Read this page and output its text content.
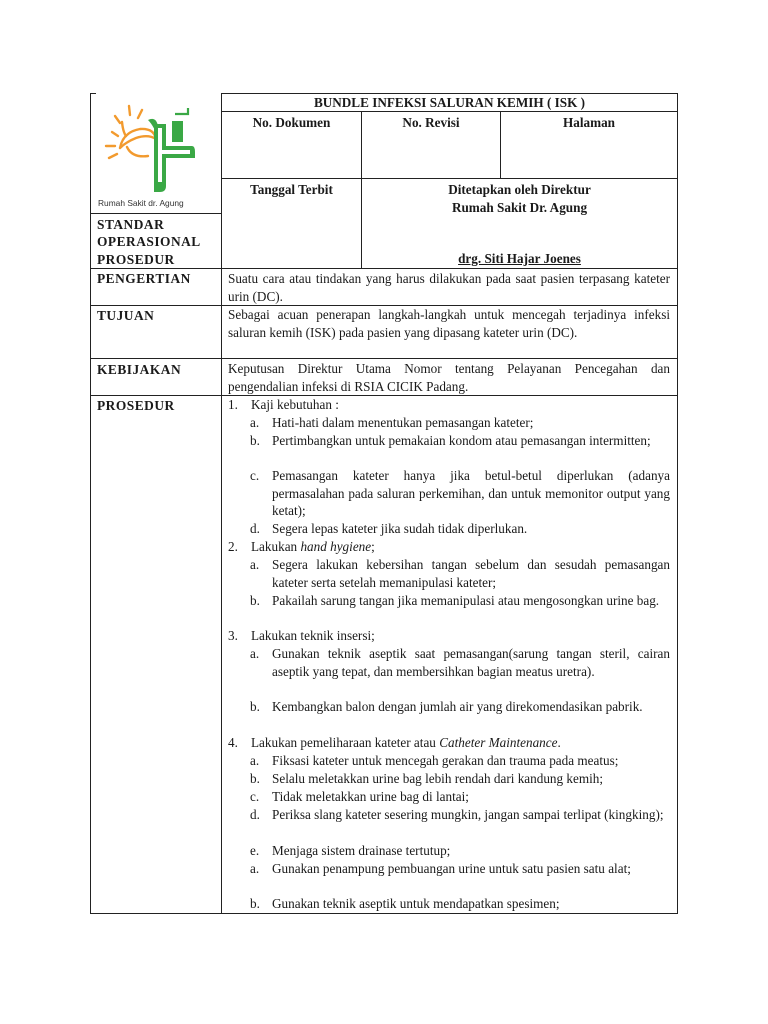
Rumah Sakit dr. Agung
BUNDLE INFEKSI SALURAN KEMIH ( ISK )
No. Dokumen	No. Revisi	Halaman
Tanggal Terbit	Ditetapkan oleh Direktur
Rumah Sakit Dr. Agung
drg. Siti Hajar Joenes
STANDAR
OPERASIONAL
PROSEDUR
PENGERTIAN	Suatu cara atau tindakan yang harus dilakukan pada saat pasien terpasang kateter urin (DC).
TUJUAN	Sebagai acuan penerapan langkah-langkah untuk mencegah terjadinya infeksi saluran kemih (ISK) pada pasien yang dipasang kateter urin (DC).
KEBIJAKAN	Keputusan Direktur Utama Nomor tentang Pelayanan Pencegahan dan pengendalian infeksi di RSIA CICIK Padang.
PROSEDUR	1. Kaji kebutuhan :
a. Hati-hati dalam menentukan pemasangan kateter;
b. Pertimbangkan untuk pemakaian kondom atau pemasangan intermitten;
c. Pemasangan kateter hanya jika betul-betul diperlukan (adanya permasalahan pada saluran perkemihan, dan untuk memonitor output yang ketat);
d. Segera lepas kateter jika sudah tidak diperlukan.
2. Lakukan hand hygiene;
a. Segera lakukan kebersihan tangan sebelum dan sesudah pemasangan kateter serta setelah memanipulasi kateter;
b. Pakailah sarung tangan jika memanipulasi atau mengosongkan urine bag.
3. Lakukan teknik insersi;
a. Gunakan teknik aseptik saat pemasangan(sarung tangan steril, cairan aseptik yang tepat, dan membersihkan bagian meatus uretra).
b. Kembangkan balon dengan jumlah air yang direkomendasikan pabrik.
4. Lakukan pemeliharaan kateter atau Catheter Maintenance.
a. Fiksasi kateter untuk mencegah gerakan dan trauma pada meatus;
b. Selalu meletakkan urine bag lebih rendah dari kandung kemih;
c. Tidak meletakkan urine bag di lantai;
d. Periksa slang kateter sesering mungkin, jangan sampai terlipat (kingking);
e. Menjaga sistem drainase tertutup;
a. Gunakan penampung pembuangan urine untuk satu pasien satu alat;
b. Gunakan teknik aseptik untuk mendapatkan spesimen;
